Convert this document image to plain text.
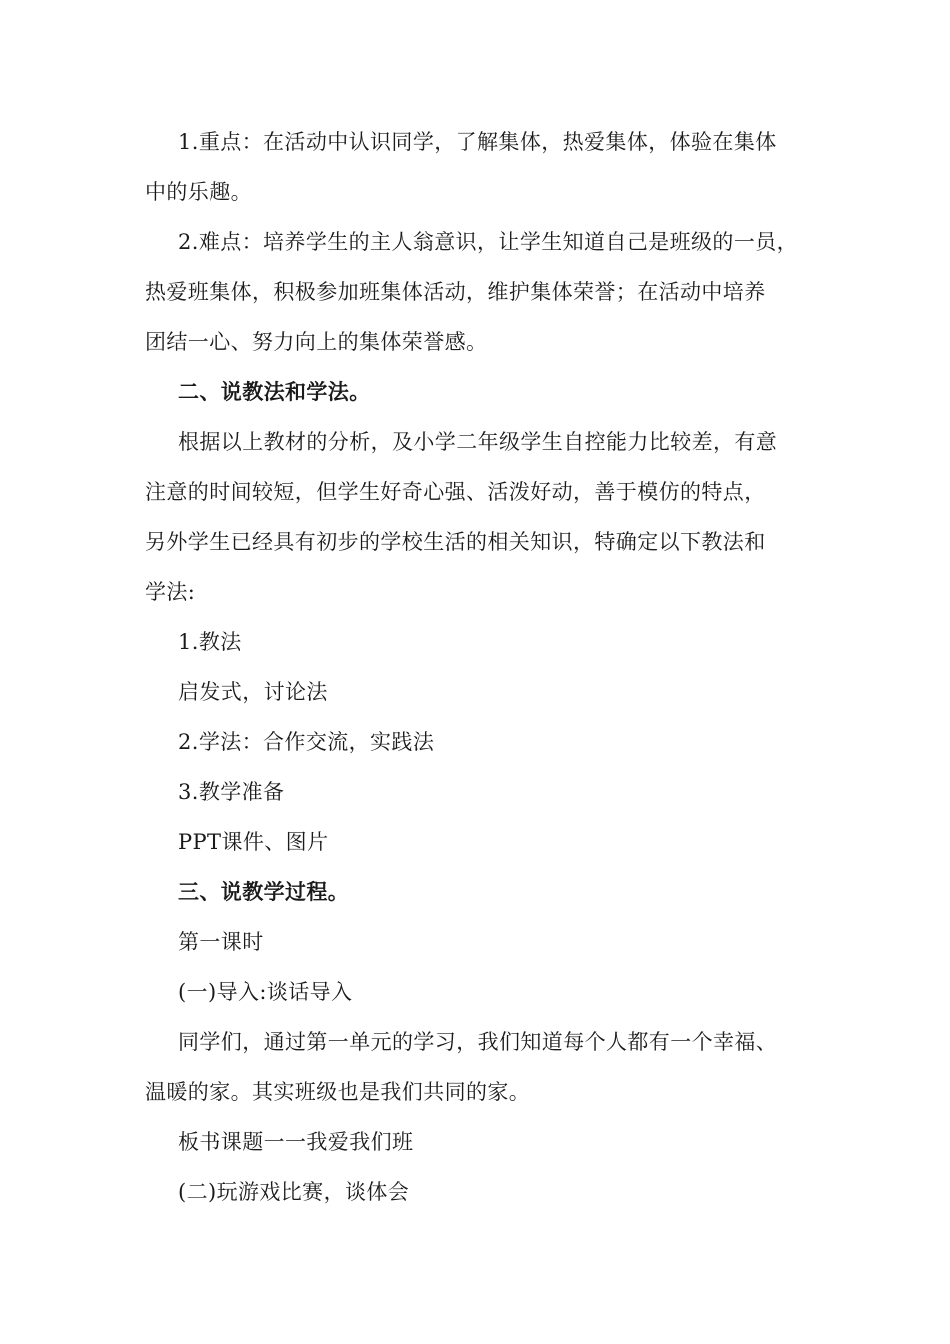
1.重点：在活动中认识同学，了解集体，热爱集体，体验在集体
中的乐趣。
2.难点：培养学生的主人翁意识，让学生知道自己是班级的一员，
热爱班集体，积极参加班集体活动，维护集体荣誉；在活动中培养
团结一心、努力向上的集体荣誉感。
二、说教法和学法。
根据以上教材的分析，及小学二年级学生自控能力比较差，有意
注意的时间较短，但学生好奇心强、活泼好动，善于模仿的特点，
另外学生已经具有初步的学校生活的相关知识，特确定以下教法和
学法:
1.教法
启发式，讨论法
2.学法：合作交流，实践法
3.教学准备
PPT课件、图片
三、说教学过程。
第一课时
(一)导入:谈话导入
同学们，通过第一单元的学习，我们知道每个人都有一个幸福、
温暖的家。其实班级也是我们共同的家。
板书课题一一我爱我们班
(二)玩游戏比赛，谈体会
